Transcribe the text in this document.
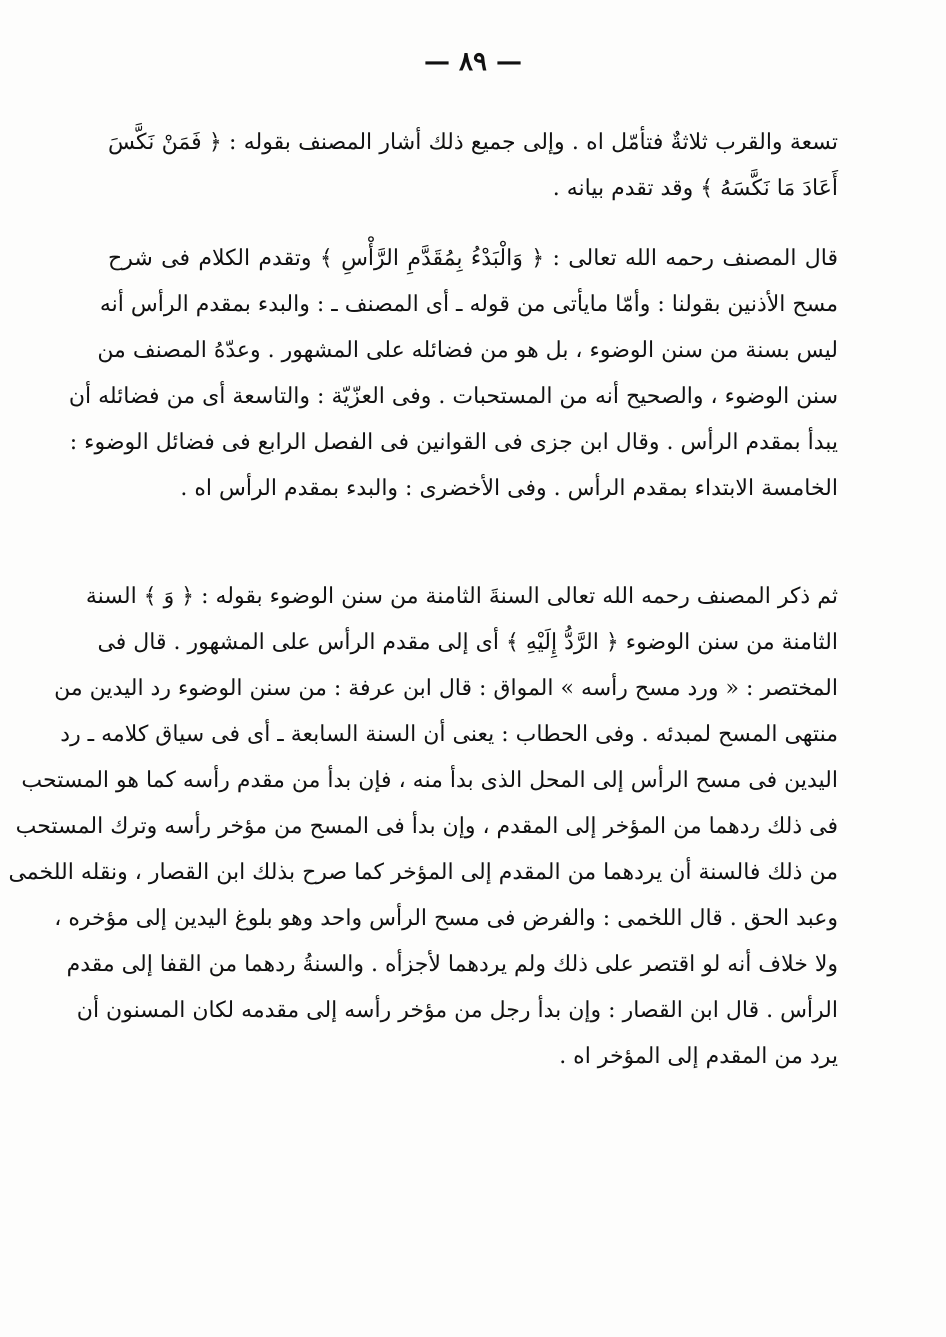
— ٨٩ —
تسعة والقرب ثلاثةٌ فتأمّل اه . وإلى جميع ذلك أشار المصنف بقوله : ﴿ فَمَنْ نَكَّسَ
أَعَادَ مَا نَكَّسَهُ ﴾ وقد تقدم بيانه .
قال المصنف رحمه الله تعالى : ﴿ وَالْبَدْءُ بِمُقَدَّمِ الرَّأْسِ ﴾ وتقدم الكلام فى شرح
مسح الأذنين بقولنا : وأمّا مايأتى من قوله ـ أى المصنف ـ : والبدء بمقدم الرأس أنه
ليس بسنة من سنن الوضوء ، بل هو من فضائله على المشهور . وعدّهُ المصنف من
سنن الوضوء ، والصحيح أنه من المستحبات . وفى العزّيّة : والتاسعة أى من فضائله أن
يبدأ بمقدم الرأس . وقال ابن جزى فى القوانين فى الفصل الرابع فى فضائل الوضوء :
الخامسة الابتداء بمقدم الرأس . وفى الأخضرى : والبدء بمقدم الرأس اه .
ثم ذكر المصنف رحمه الله تعالى السنةَ الثامنة من سنن الوضوء بقوله : ﴿ وَ ﴾ السنة
الثامنة من سنن الوضوء ﴿ الرَّدُّ إِلَيْهِ ﴾ أى إلى مقدم الرأس على المشهور . قال فى
المختصر : « ورد مسح رأسه » المواق : قال ابن عرفة : من سنن الوضوء رد اليدين من
منتهى المسح لمبدئه . وفى الحطاب : يعنى أن السنة السابعة ـ أى فى سياق كلامه ـ رد
اليدين فى مسح الرأس إلى المحل الذى بدأ منه ، فإن بدأ من مقدم رأسه كما هو المستحب
فى ذلك ردهما من المؤخر إلى المقدم ، وإن بدأ فى المسح من مؤخر رأسه وترك المستحب
من ذلك فالسنة أن يردهما من المقدم إلى المؤخر كما صرح بذلك ابن القصار ، ونقله اللخمى
وعبد الحق . قال اللخمى : والفرض فى مسح الرأس واحد وهو بلوغ اليدين إلى مؤخره ،
ولا خلاف أنه لو اقتصر على ذلك ولم يردهما لأجزأه . والسنةُ ردهما من القفا إلى مقدم
الرأس . قال ابن القصار : وإن بدأ رجل من مؤخر رأسه إلى مقدمه لكان المسنون أن
يرد من المقدم إلى المؤخر اه .
